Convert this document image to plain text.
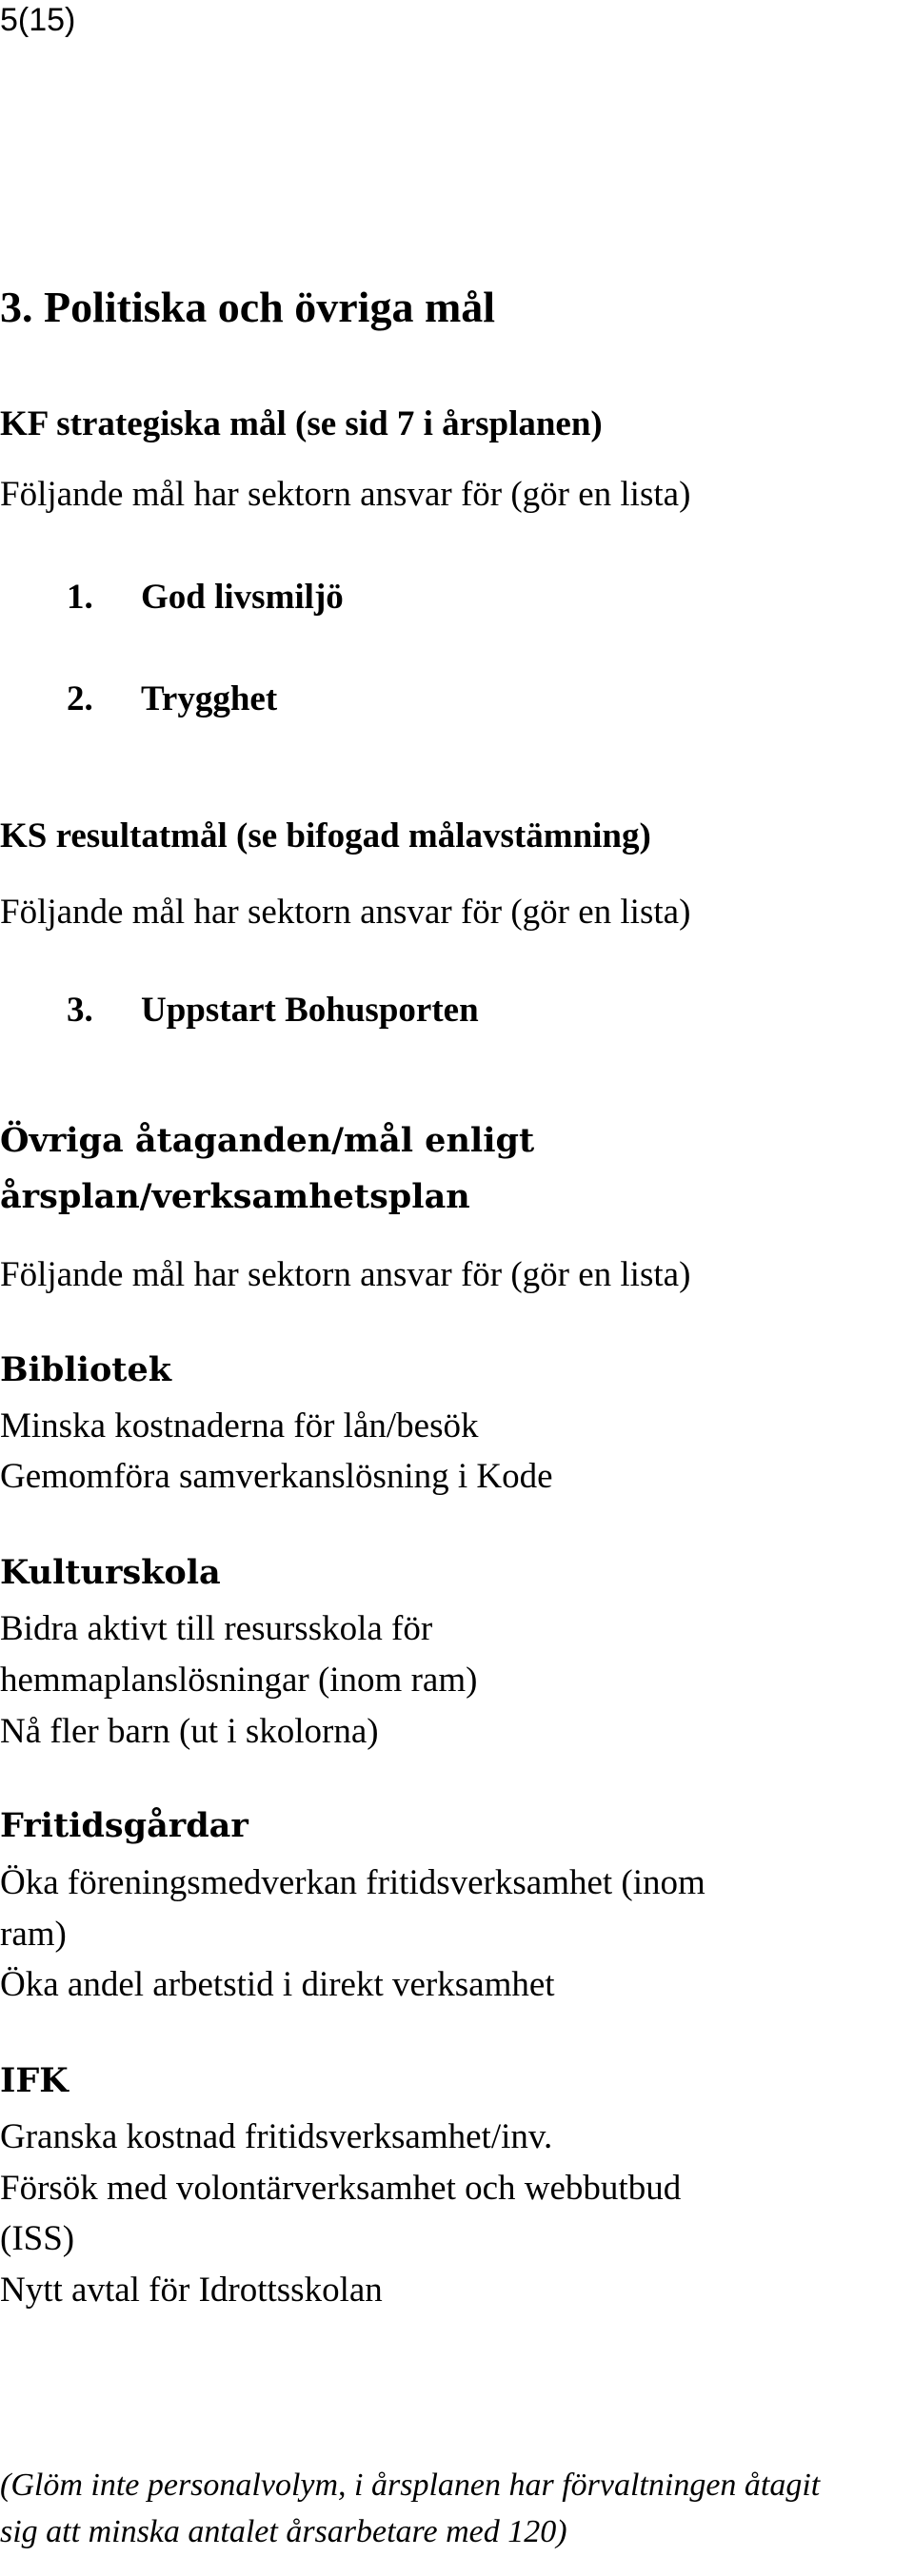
5(15)
3. Politiska och övriga mål
KF strategiska mål (se sid 7 i årsplanen)
Följande mål har sektorn ansvar för (gör en lista)
1. God livsmiljö
2. Trygghet
KS resultatmål (se bifogad målavstämning)
Följande mål har sektorn ansvar för (gör en lista)
3. Uppstart Bohusporten
Övriga åtaganden/mål enligt
årsplan/verksamhetsplan
Följande mål har sektorn ansvar för (gör en lista)
Bibliotek
Minska kostnaderna för lån/besök
Gemomföra samverkanslösning i Kode
Kulturskola
Bidra aktivt till resursskola för
hemmaplanslösningar (inom ram)
Nå fler barn (ut i skolorna)
Fritidsgårdar
Öka föreningsmedverkan fritidsverksamhet (inom
ram)
Öka andel arbetstid i direkt verksamhet
IFK
Granska kostnad fritidsverksamhet/inv.
Försök med volontärverksamhet och webbutbud
(ISS)
Nytt avtal för Idrottsskolan
(Glöm inte personalvolym, i årsplanen har förvaltningen åtagit
sig att minska antalet årsarbetare med 120)
